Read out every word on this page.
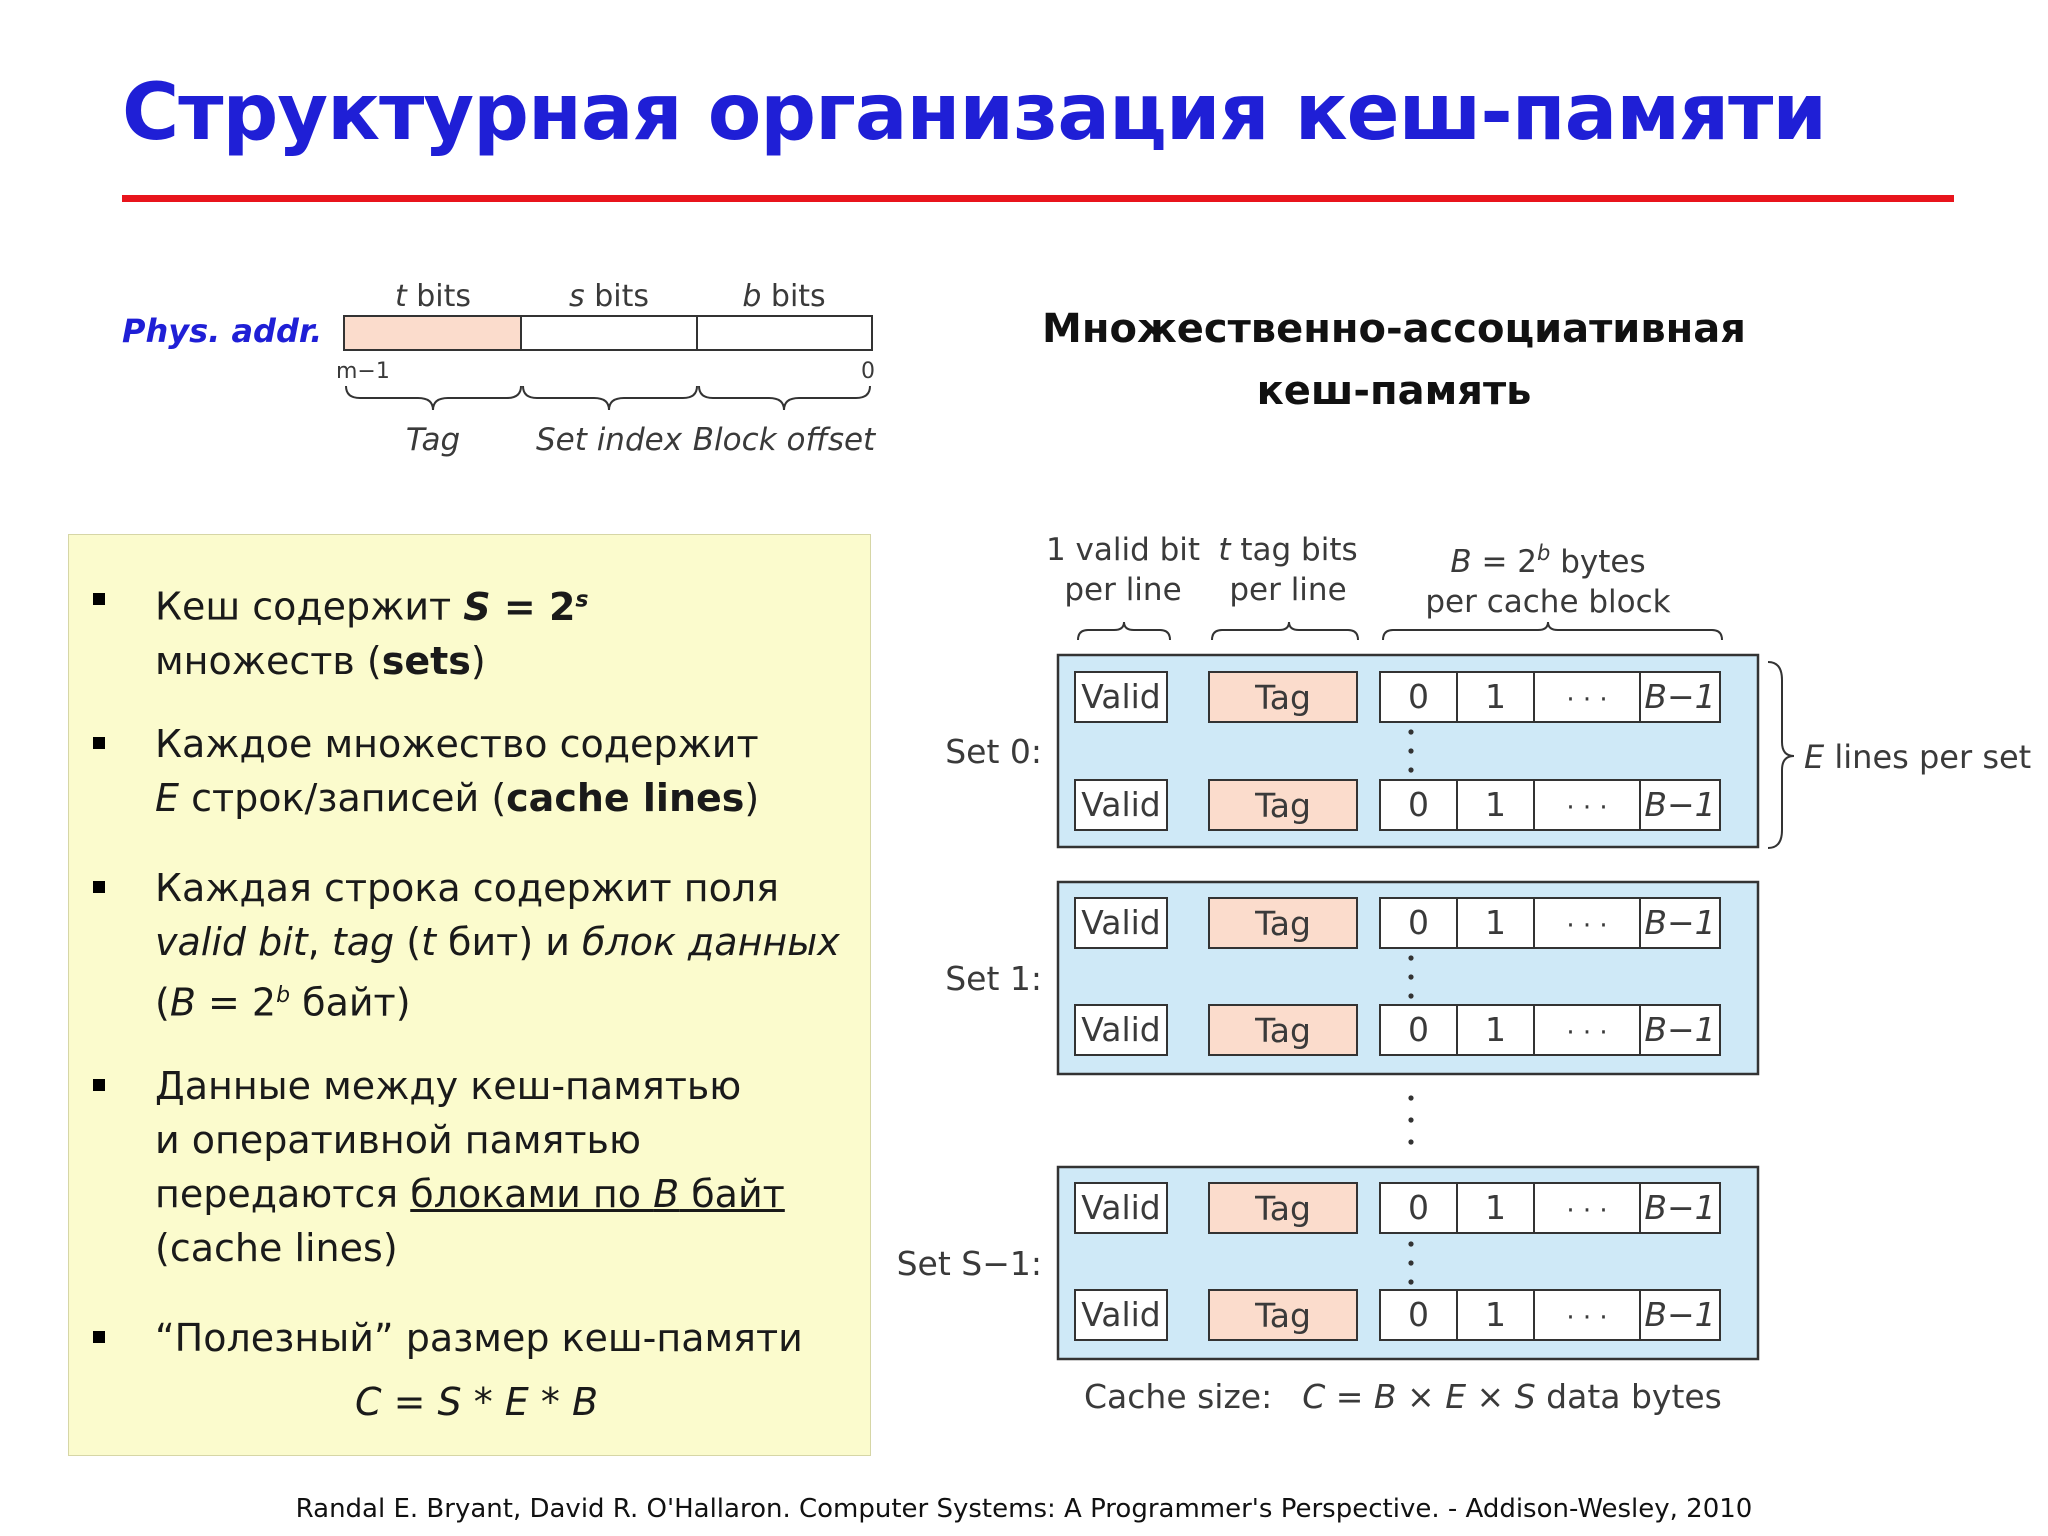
Структурная организация кеш-памяти
Кеш содержит $S = 2^s$
множеств (sets)
Каждое множество содержит
E строк/записей (cache lines)
Каждая строка содержит поля
valid bit, tag (t бит) и блок данных
($B = 2^b$ байт)
Данные между кеш-памятью
и оперативной памятью
передаются блоками по B байт
(cache lines)
“Полезный” размер кеш-памяти

C = S * E * B
Phys. addr.
t bits	s bits	b bits
m−1	0
Tag Set index Block offset
Множественно-ассоциативная
кеш-память
1 valid bit
per line
t tag bits
per line
$B = 2^b$ bytes
per cache block
Set 0:
Set 1:
Set S−1:
Valid	Tag	0 1 · · · B−1
Valid	Tag	0 1 · · · B−1
Valid	Tag	0 1 · · · B−1
Valid	Tag	0 1 · · · B−1
Valid	Tag	0 1 · · · B−1
Valid	Tag	0 1 · · · B−1
E lines per set
Cache size: C = B × E × S data bytes
Randal E. Bryant, David R. O'Hallaron. Computer Systems: A Programmer's Perspective. - Addison-Wesley, 2010
